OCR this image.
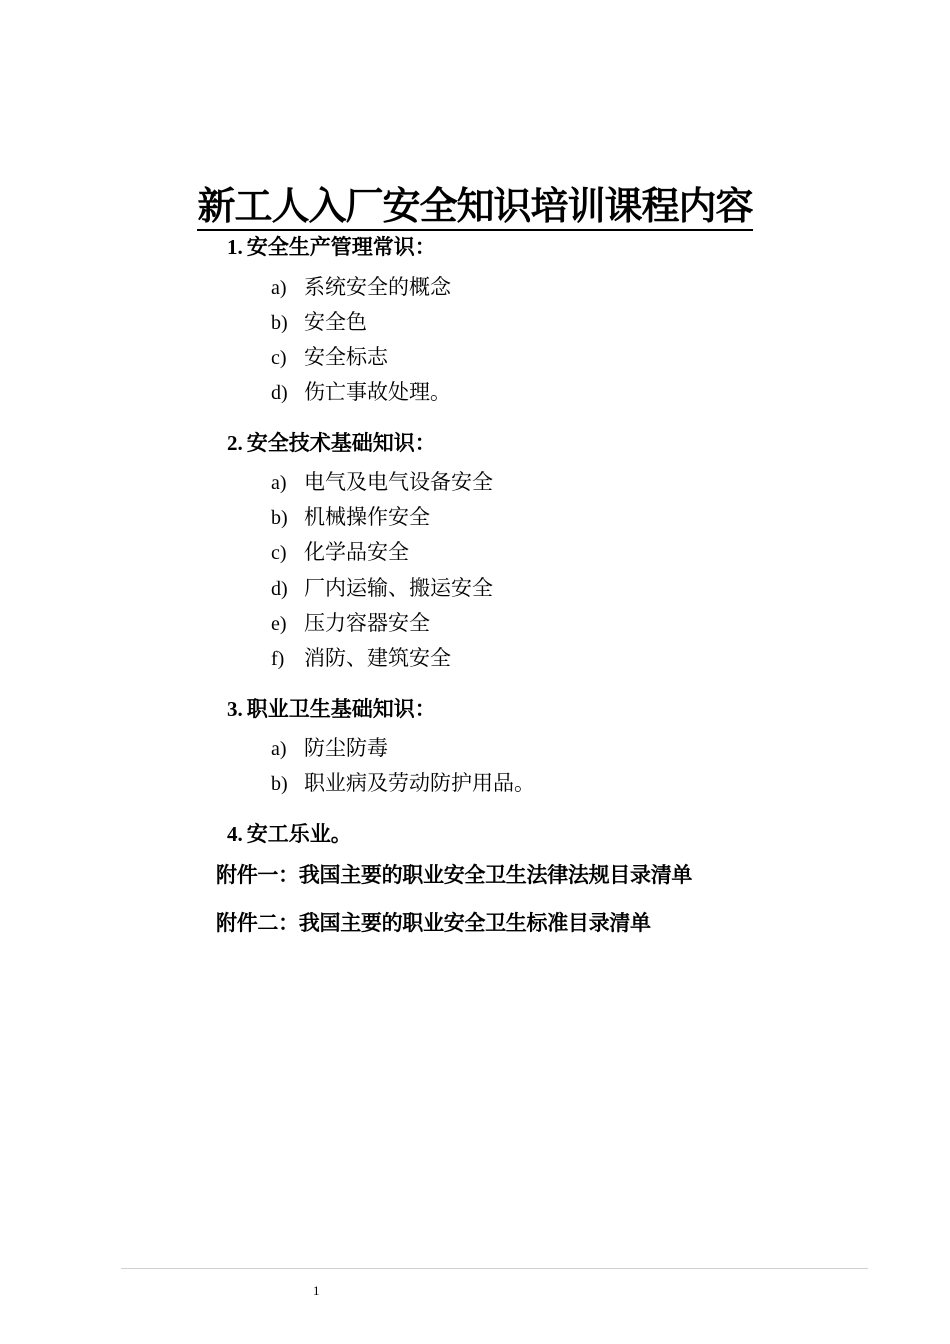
新工人入厂安全知识培训课程内容
1. 安全生产管理常识：
a) 系统安全的概念
b) 安全色
c) 安全标志
d) 伤亡事故处理。
2. 安全技术基础知识：
a) 电气及电气设备安全
b) 机械操作安全
c) 化学品安全
d) 厂内运输、搬运安全
e) 压力容器安全
f) 消防、建筑安全
3. 职业卫生基础知识：
a) 防尘防毒
b) 职业病及劳动防护用品。
4. 安工乐业。
附件一：我国主要的职业安全卫生法律法规目录清单
附件二：我国主要的职业安全卫生标准目录清单
1
